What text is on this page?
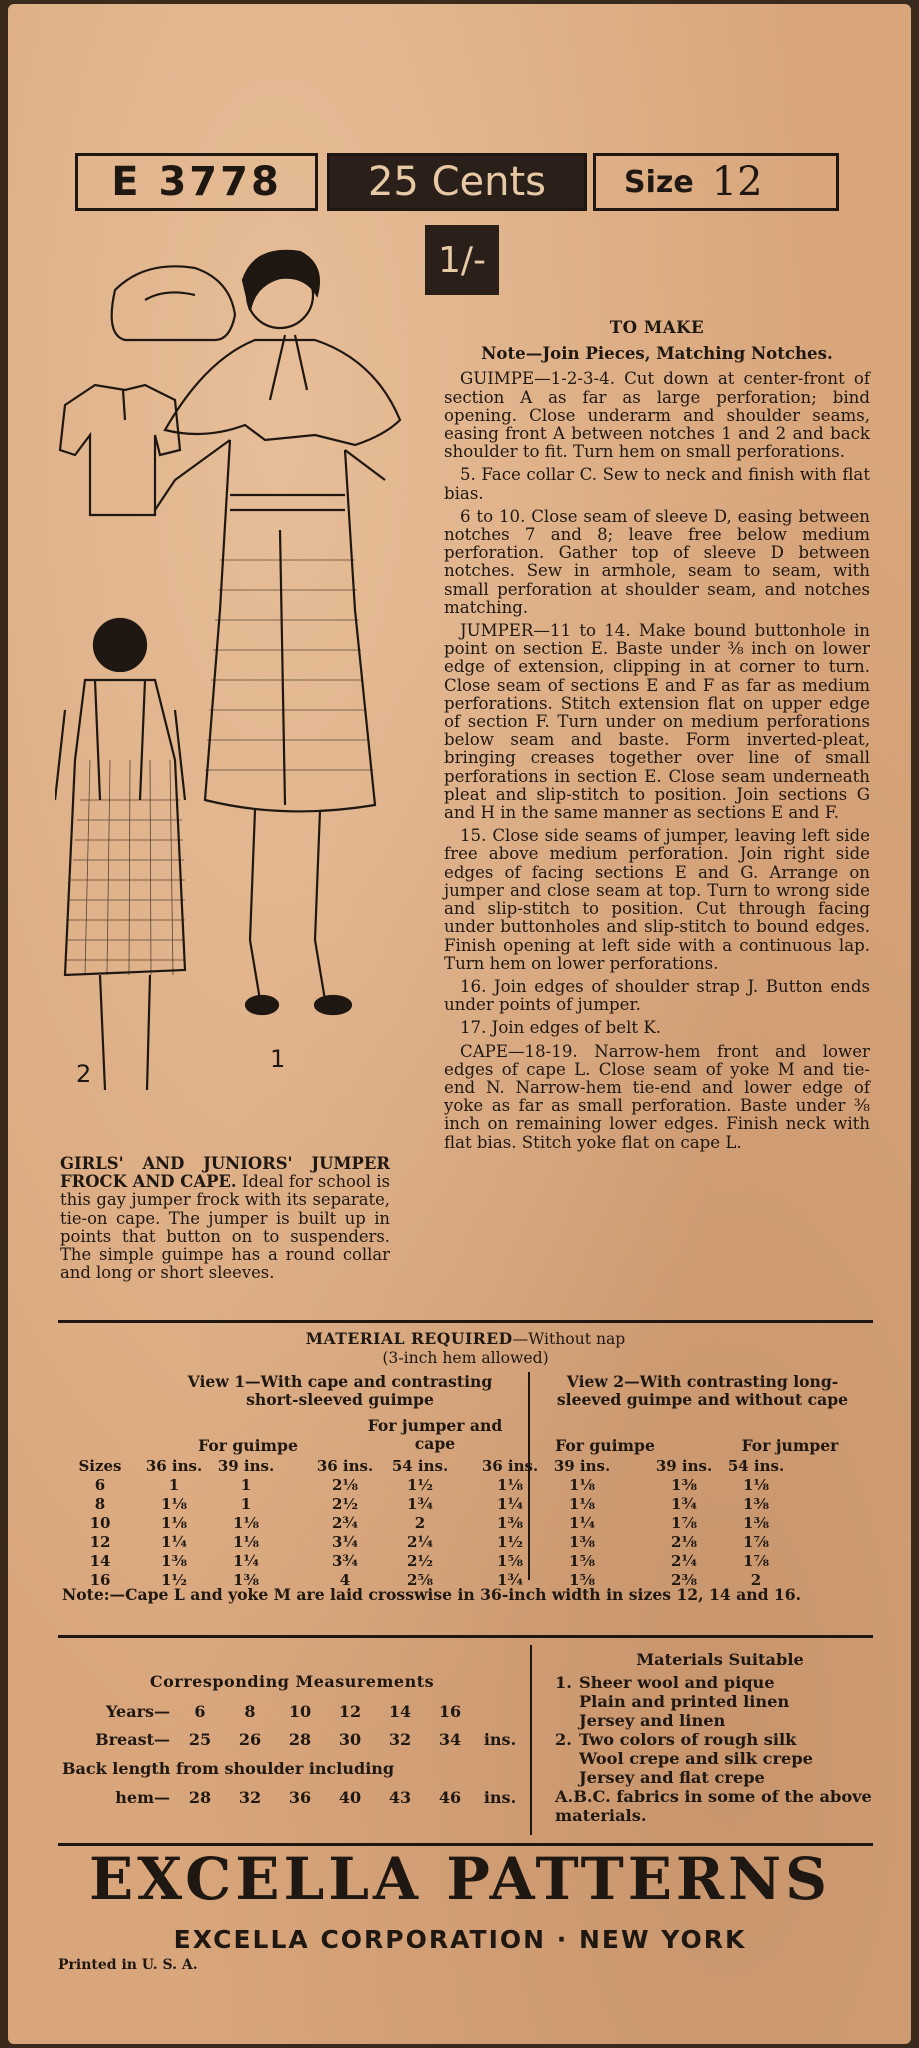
E 3778	25 Cents	Size 12
1/-
2
1

TO MAKE

Note—Join Pieces, Matching Notches.

GUIMPE—1-2-3-4. Cut down at center-front of section A as far as large perforation; bind opening. Close underarm and shoulder seams, easing front A between notches 1 and 2 and back shoulder to fit. Turn hem on small perforations.

5. Face collar C. Sew to neck and finish with flat bias.

6 to 10. Close seam of sleeve D, easing between notches 7 and 8; leave free below medium perforation. Gather top of sleeve D between notches. Sew in armhole, seam to seam, with small perforation at shoulder seam, and notches matching.

JUMPER—11 to 14. Make bound buttonhole in point on section E. Baste under ⅜ inch on lower edge of extension, clipping in at corner to turn. Close seam of sections E and F as far as medium perforations. Stitch extension flat on upper edge of section F. Turn under on medium perforations below seam and baste. Form inverted-pleat, bringing creases together over line of small perforations in section E. Close seam underneath pleat and slip-stitch to position. Join sections G and H in the same manner as sections E and F.

15. Close side seams of jumper, leaving left side free above medium perforation. Join right side edges of facing sections E and G. Arrange on jumper and close seam at top. Turn to wrong side and slip-stitch to position. Cut through facing under buttonholes and slip-stitch to bound edges. Finish opening at left side with a continuous lap. Turn hem on lower perforations.

16. Join edges of shoulder strap J. Button ends under points of jumper.

17. Join edges of belt K.

CAPE—18-19. Narrow-hem front and lower edges of cape L. Close seam of yoke M and tie-end N. Narrow-hem tie-end and lower edge of yoke as far as small perforation. Baste under ⅜ inch on remaining lower edges. Finish neck with flat bias. Stitch yoke flat on cape L.

GIRLS' AND JUNIORS' JUMPER FROCK AND CAPE. Ideal for school is this gay jumper frock with its separate, tie-on cape. The jumper is built up in points that button on to suspenders. The simple guimpe has a round collar and long or short sleeves.
MATERIAL REQUIRED—Without nap
(3-inch hem allowed)
View 1—With cape and contrasting short-sleeved guimpe
View 2—With contrasting long-sleeved guimpe and without cape
For guimpe
For jumper and cape	For guimpe	For jumper
Sizes	36 ins.	39 ins.	36 ins.	54 ins.	36 ins.	39 ins.	39 ins.	54 ins.
6	1	1	2⅛	1½	1⅛	1⅛	1⅜	1⅛
8	1⅛	1	2½	1¾	1¼	1⅛	1¾	1⅜
10	1⅛	1⅛	2¾	2	1⅜	1¼	1⅞	1⅜
12	1¼	1⅛	3¼	2¼	1½	1⅜	2⅛	1⅞
14	1⅜	1¼	3¾	2½	1⅝	1⅝	2¼	1⅞
16	1½	1⅜	4	2⅝	1¾	1⅝	2⅜	2
Note:—Cape L and yoke M are laid crosswise in 36-inch width in sizes 12, 14 and 16.
Corresponding Measurements
Years—	6	8	10	12	14	16	
Breast—	25	26	28	30	32	34	ins.
Back length from shoulder including
hem—	28	32	36	40	43	46	ins.
Materials Suitable
1. Sheer wool and pique
Plain and printed linen
Jersey and linen
2. Two colors of rough silk
Wool crepe and silk crepe
Jersey and flat crepe
A.B.C. fabrics in some of the above materials.
EXCELLA PATTERNS
EXCELLA CORPORATION · NEW YORK
Printed in U. S. A.
